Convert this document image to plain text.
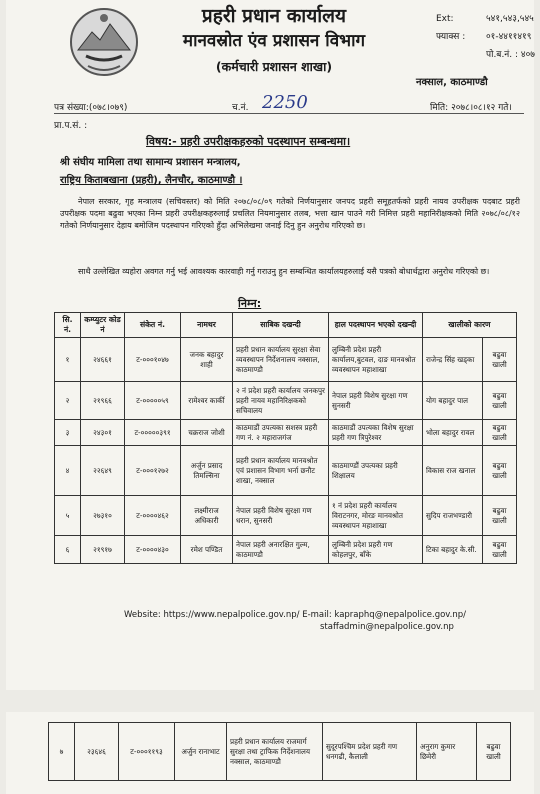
प्रहरी प्रधान कार्यालय
मानवस्रोत एंव प्रशासन विभाग
(कर्मचारी प्रशासन शाखा)
Ext:	५४१,५४३,५४५
फ्याक्स : ०१-४४११४१९
पो.ब.नं. : ४०७
नक्साल, काठमाण्डौ
पत्र संख्या:(०७८।०७९)	च.नं. 2250	मिति: २०७८।०८।१२ गते।
प्रा.प.सं. :
विषय:- प्रहरी उपरीक्षकहरुको पदस्थापन सम्बन्धमा।
श्री संघीय मामिला तथा सामान्य प्रशासन मन्त्रालय,
राष्ट्रिय किताबखाना (प्रहरी), लैनचौर, काठमाण्डौ ।
नेपाल सरकार, गृह मन्त्रालय (सचिवस्तर) को मिति २०७८/०८/०९ गतेको निर्णयानुसार जनपद प्रहरी समूहतर्फको प्रहरी नायव उपरीक्षक पदबाट प्रहरी उपरीक्षक पदमा बढुवा भएका निम्न प्रहरी उपरीक्षकहरुलाई प्रचलित नियमानुसार तलब, भत्ता खान पाउने गरी निमित्त प्रहरी महानिरीक्षकको मिति २०७८/०८/१२ गतेको निर्णयानुसार देहाय बमोजिम पदस्थापन गरिएको हुँदा अभिलेखमा जनाई दिनु हुन अनुरोध गरिएको छ।
साथै उल्लेखित व्यहोरा अवगत गर्नु भई आवश्यक कारवाही गर्नु गराउनु हुन सम्बन्धित कार्यालयहरुलाई यसै पत्रको बोधार्थद्वारा अनुरोध गरिएको छ।
निम्न:
सि. नं.	कम्प्युटर कोड नं	संकेत नं.	नामथर	साबिक दखन्दी	हाल पदस्थापन भएको दखन्दी	खालीको कारण	
१	२४६६१	ट-०००१०४७	जनक बहादुर शाही	प्रहरी प्रधान कार्यालय सुरक्षा सेवा व्यवस्थापन निर्देशनालय नक्साल, काठमाण्डौ	लुम्बिनी प्रदेश प्रहरी कार्यालय,बुटवल, दाङ मानवश्रोत व्यवस्थापन महाशाखा	राजेन्द्र सिंह खड्का	बढुवा खाली
२	२१९६६	ट-०००००५९	रामेश्वर कार्की	२ नं प्रदेश प्रहरी कार्यालय जनकपुर प्रहरी नायव महानिरिक्षकको सचिवालय	नेपाल प्रहरी विशेष सुरक्षा गण सुनसरी	योग बहादुर पाल	बढुवा खाली
३	२४३०१	ट-०००००३९१	चक्रराज जोशी	काठमाडौं उपत्यका सशस्त्र प्रहरी गण नं. २ महाराजगंज	काठमाडौं उपत्यका विशेष सुरक्षा प्रहरी गण त्रिपुरेश्वर	भोला बहादुर रावल	बढुवा खाली
४	२२६४९	ट-०००१२७२	अर्जुन प्रसाद तिमल्सिना	प्रहरी प्रधान कार्यालय मानवश्रोत एवं प्रशासन विभाग भर्ना छनौट शाखा, नक्साल	काठमाण्डौं उपत्यका प्रहरी शिक्षालय	विकास राज खनाल	बढुवा खाली
५	२७३१०	ट-००००४६२	लक्ष्मीराज अधिकारी	नेपाल प्रहरी विशेष सुरक्षा गण धरान, सुनसरी	१ नं प्रदेश प्रहरी कार्यालय विराटनगर, मोरङ मानवश्रोत व्यवस्थापन महाशाखा	सुदिप राजभण्डारी	बढुवा खाली
६	२१९१७	ट-००००४३०	रमेश पण्डित	नेपाल प्रहरी अनारक्षित गुल्म, काठमाण्डौ	लुम्बिनी प्रदेश प्रहरी गण कोहलपुर, बाँके	टिका बहादुर के.सी.	बढुवा खाली
Website: https://www.nepalpolice.gov.np/ E-mail: kapraphq@nepalpolice.gov.np/
staffadmin@nepalpolice.gov.np
७	२३६४६	ट-०००११९३	अर्जुन रानाभाट	प्रहरी प्रधान कार्यालय राजमार्ग सुरक्षा तथा ट्राफिक निर्देशनालय नक्साल, काठमाण्डौ	सुदूरपश्चिम प्रदेश प्रहरी गण धनगढी, कैलाली	अनुराग कुमार छिमेरी	बढुवा खाली
